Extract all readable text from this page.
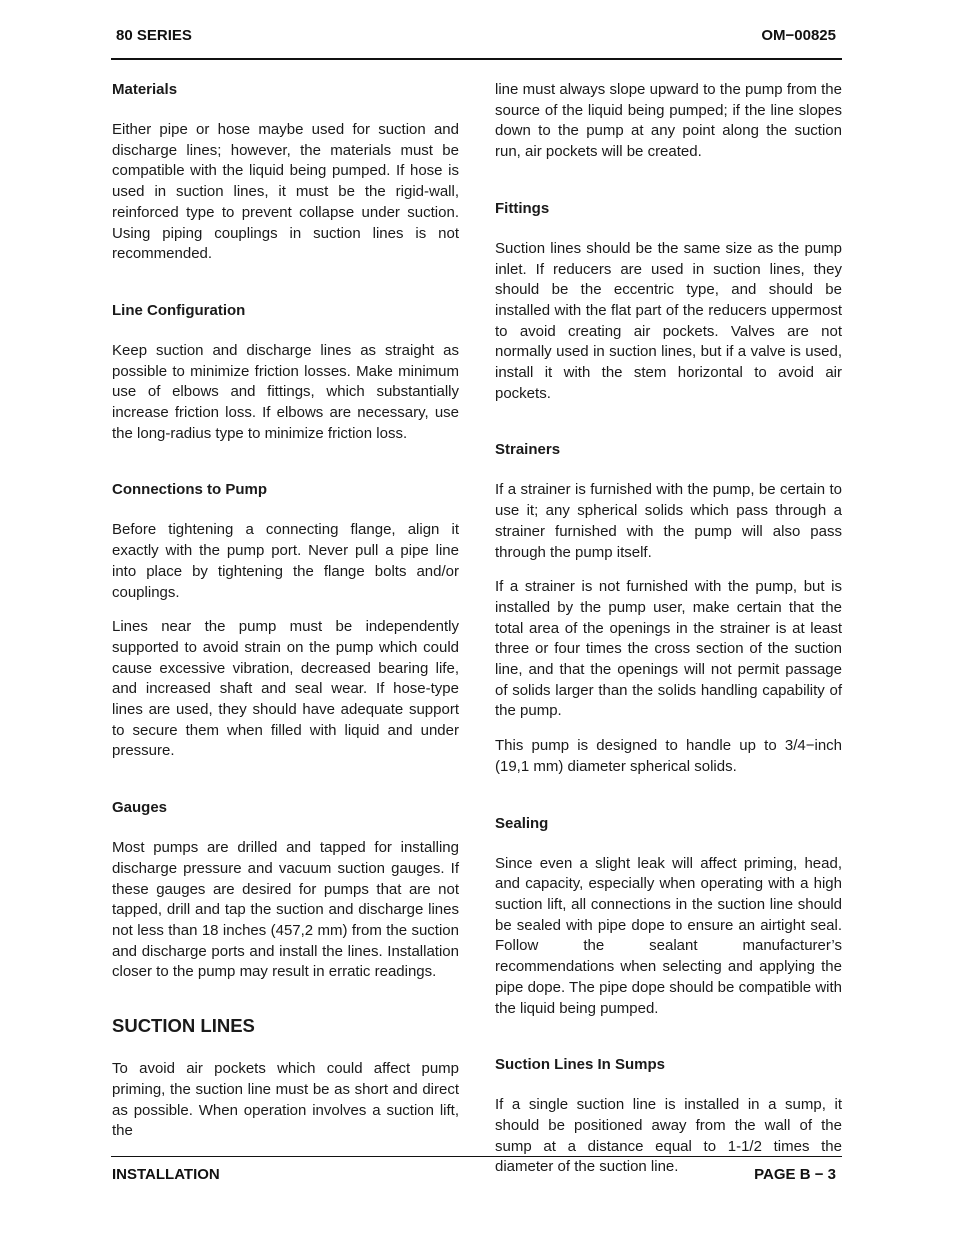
80 SERIES	OM−00825
Materials

Either pipe or hose maybe used for suction and discharge lines; however, the materials must be compatible with the liquid being pumped. If hose is used in suction lines, it must be the rigid-wall, reinforced type to prevent collapse under suction. Using piping couplings in suction lines is not recommended.

Line Configuration

Keep suction and discharge lines as straight as possible to minimize friction losses. Make minimum use of elbows and fittings, which substantially increase friction loss. If elbows are necessary, use the long-radius type to minimize friction loss.

Connections to Pump

Before tightening a connecting flange, align it exactly with the pump port. Never pull a pipe line into place by tightening the flange bolts and/or couplings.

Lines near the pump must be independently supported to avoid strain on the pump which could cause excessive vibration, decreased bearing life, and increased shaft and seal wear. If hose-type lines are used, they should have adequate support to secure them when filled with liquid and under pressure.

Gauges

Most pumps are drilled and tapped for installing discharge pressure and vacuum suction gauges. If these gauges are desired for pumps that are not tapped, drill and tap the suction and discharge lines not less than 18 inches (457,2 mm) from the suction and discharge ports and install the lines. Installation closer to the pump may result in erratic readings.

SUCTION LINES

To avoid air pockets which could affect pump priming, the suction line must be as short and direct as possible. When operation involves a suction lift, the

line must always slope upward to the pump from the source of the liquid being pumped; if the line slopes down to the pump at any point along the suction run, air pockets will be created.

Fittings

Suction lines should be the same size as the pump inlet. If reducers are used in suction lines, they should be the eccentric type, and should be installed with the flat part of the reducers uppermost to avoid creating air pockets. Valves are not normally used in suction lines, but if a valve is used, install it with the stem horizontal to avoid air pockets.

Strainers

If a strainer is furnished with the pump, be certain to use it; any spherical solids which pass through a strainer furnished with the pump will also pass through the pump itself.

If a strainer is not furnished with the pump, but is installed by the pump user, make certain that the total area of the openings in the strainer is at least three or four times the cross section of the suction line, and that the openings will not permit passage of solids larger than the solids handling capability of the pump.

This pump is designed to handle up to 3/4−inch (19,1 mm) diameter spherical solids.

Sealing

Since even a slight leak will affect priming, head, and capacity, especially when operating with a high suction lift, all connections in the suction line should be sealed with pipe dope to ensure an airtight seal. Follow the sealant manufacturer’s recommendations when selecting and applying the pipe dope. The pipe dope should be compatible with the liquid being pumped.

Suction Lines In Sumps

If a single suction line is installed in a sump, it should be positioned away from the wall of the sump at a distance equal to 1-1/2 times the diameter of the suction line.

INSTALLATION	PAGE B − 3
